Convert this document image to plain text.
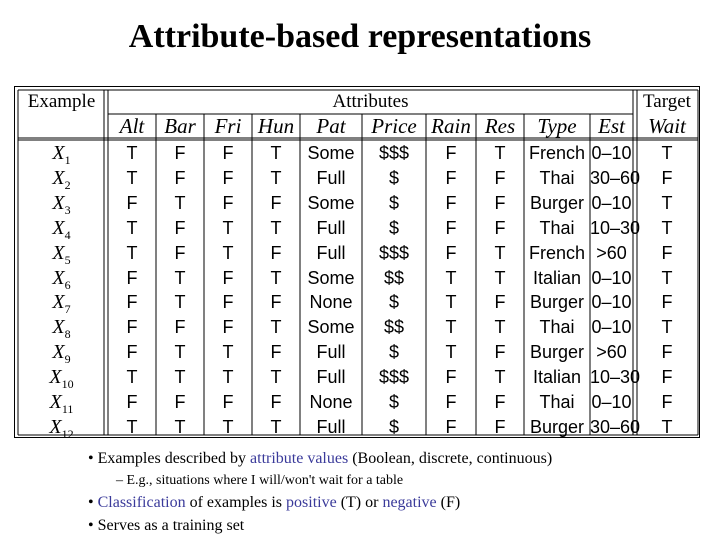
Attribute-based representations
Example	Attributes	Target
Alt Bar Fri Hun	Pat	Price Rain Res	Type	Est	Wait
$X_1$	T	F	F	T	Some	$$$	F	T	French 0–10	T
$X_2$	T	F	F	T	Full	$	F	F	Thai 30–60	F
$X_3$	F	T	F	F	Some	$	F	F	Burger 0–10	T
$X_4$	T	F	T	T	Full	$	F	F	Thai 10–30	T
$X_5$	T	F	T	F	Full	$$$	F	T	French >60	F
$X_6$	F	T	F	T	Some	$$	T	T	Italian 0–10	T
$X_7$	F	T	F	F	None	$	T	F	Burger 0–10	F
$X_8$	F	F	F	T	Some	$$	T	T	Thai 0–10	T
$X_9$	F	T	T	F	Full	$	T	F	Burger >60	F
$X_{10}$	T	T	T	T	Full	$$$	F	T	Italian 10–30	F
$X_{11}$	F	F	F	F	None	$	F	F	Thai 0–10	F
$X_{12}$	T	T	T	T	Full	$	F	F	Burger 30–60	T
• Examples described by attribute values (Boolean, discrete, continuous)
– E.g., situations where I will/won't wait for a table
• Classification of examples is positive (T) or negative (F)
• Serves as a training set
